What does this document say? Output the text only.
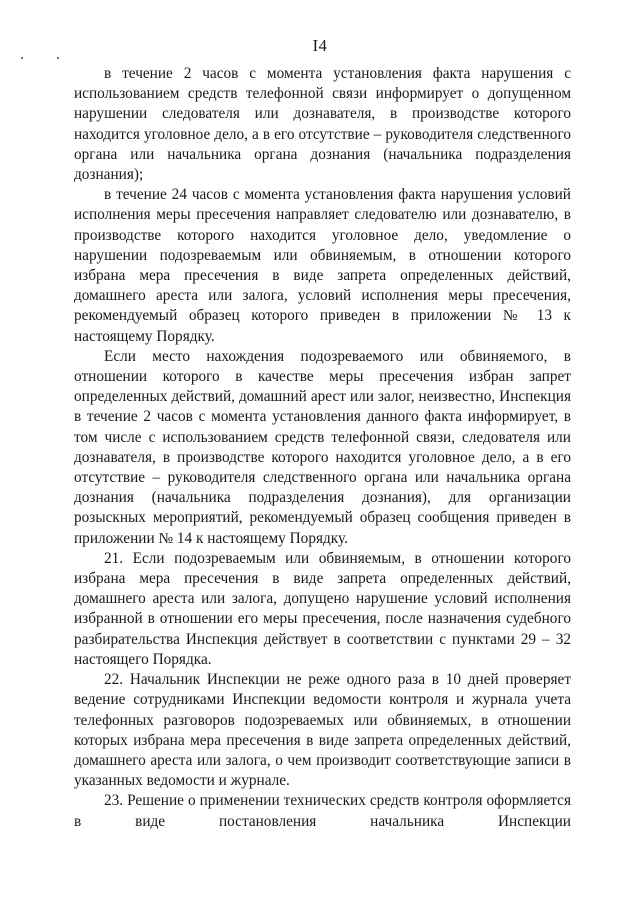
I4

в течение 2 часов с момента установления факта нарушения с использованием средств телефонной связи информирует о допущенном нарушении следователя или дознавателя, в производстве которого находится уголовное дело, а в его отсутствие – руководителя следственного органа или начальника органа дознания (начальника подразделения дознания);

в течение 24 часов с момента установления факта нарушения условий исполнения меры пресечения направляет следователю или дознавателю, в производстве которого находится уголовное дело, уведомление о нарушении подозреваемым или обвиняемым, в отношении которого избрана мера пресечения в виде запрета определенных действий, домашнего ареста или залога, условий исполнения меры пресечения, рекомендуемый образец которого приведен в приложении № 13 к настоящему Порядку.

Если место нахождения подозреваемого или обвиняемого, в отношении которого в качестве меры пресечения избран запрет определенных действий, домашний арест или залог, неизвестно, Инспекция в течение 2 часов с момента установления данного факта информирует, в том числе с использованием средств телефонной связи, следователя или дознавателя, в производстве которого находится уголовное дело, а в его отсутствие – руководителя следственного органа или начальника органа дознания (начальника подразделения дознания), для организации розыскных мероприятий, рекомендуемый образец сообщения приведен в приложении № 14 к настоящему Порядку.

21. Если подозреваемым или обвиняемым, в отношении которого избрана мера пресечения в виде запрета определенных действий, домашнего ареста или залога, допущено нарушение условий исполнения избранной в отношении его меры пресечения, после назначения судебного разбирательства Инспекция действует в соответствии с пунктами 29 – 32 настоящего Порядка.

22. Начальник Инспекции не реже одного раза в 10 дней проверяет ведение сотрудниками Инспекции ведомости контроля и журнала учета телефонных разговоров подозреваемых или обвиняемых, в отношении которых избрана мера пресечения в виде запрета определенных действий, домашнего ареста или залога, о чем производит соответствующие записи в указанных ведомости и журнале.

23. Решение о применении технических средств контроля оформляется в виде постановления начальника Инспекции
